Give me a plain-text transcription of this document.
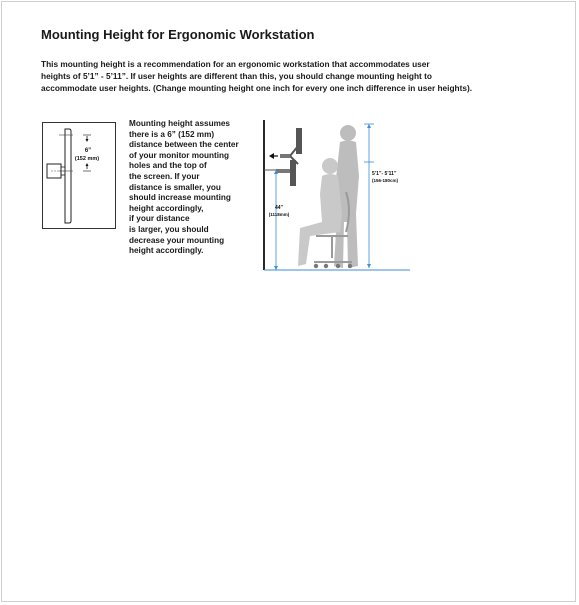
Mounting Height for Ergonomic Workstation

This mounting height is a recommendation for an ergonomic workstation that accommodates user
heights of 5’1” - 5’11”. If user heights are different than this, you should change mounting height to
accommodate user heights. (Change mounting height one inch for every one inch difference in user heights).

6”
(152 mm)

Mounting height assumes
there is a 6” (152 mm)
distance between the center
of your monitor mounting
holes and the top of
the screen. If your
distance is smaller, you
should increase mounting
height accordingly,
if your distance
is larger, you should
decrease your mounting
height accordingly.

5’1”- 5’11”
(156-180cm)
44”
(1118mm)
